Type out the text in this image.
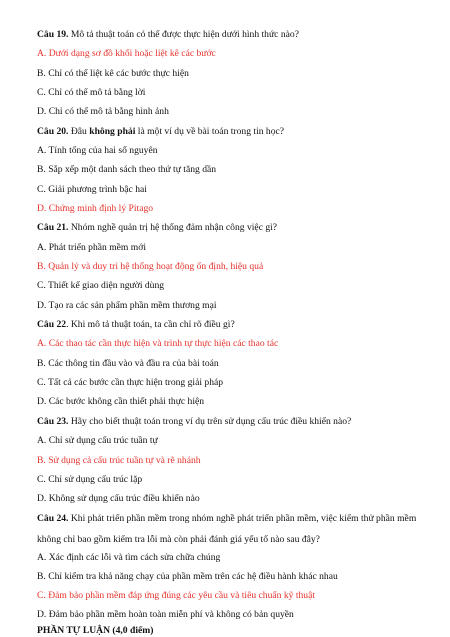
Câu 19. Mô tả thuật toán có thể được thực hiện dưới hình thức nào?
A. Dưới dạng sơ đồ khối hoặc liệt kê các bước
B. Chỉ có thể liệt kê các bước thực hiện
C. Chỉ có thể mô tả bằng lời
D. Chỉ có thể mô tả bằng hình ảnh
Câu 20. Đâu không phải là một ví dụ về bài toán trong tin học?
A. Tính tổng của hai số nguyên
B. Sắp xếp một danh sách theo thứ tự tăng dần
C. Giải phương trình bậc hai
D. Chứng minh định lý Pitago
Câu 21. Nhóm nghề quản trị hệ thống đảm nhận công việc gì?
A. Phát triển phần mềm mới
B. Quản lý và duy trì hệ thống hoạt động ổn định, hiệu quả
C. Thiết kế giao diện người dùng
D. Tạo ra các sản phẩm phần mềm thương mại
Câu 22. Khi mô tả thuật toán, ta cần chỉ rõ điều gì?
A. Các thao tác cần thực hiện và trình tự thực hiện các thao tác
B. Các thông tin đầu vào và đầu ra của bài toán
C. Tất cả các bước cần thực hiện trong giải pháp
D. Các bước không cần thiết phải thực hiện
Câu 23. Hãy cho biết thuật toán trong ví dụ trên sử dụng cấu trúc điều khiển nào?
A. Chỉ sử dụng cấu trúc tuần tự
B. Sử dụng cả cấu trúc tuần tự và rẽ nhánh
C. Chỉ sử dụng cấu trúc lặp
D. Không sử dụng cấu trúc điều khiển nào
Câu 24. Khi phát triển phần mềm trong nhóm nghề phát triển phần mềm, việc kiểm thử phần mềm không chỉ bao gồm kiểm tra lỗi mà còn phải đánh giá yếu tố nào sau đây?
A. Xác định các lỗi và tìm cách sửa chữa chúng
B. Chỉ kiểm tra khả năng chạy của phần mềm trên các hệ điều hành khác nhau
C. Đảm bảo phần mềm đáp ứng đúng các yêu cầu và tiêu chuẩn kỹ thuật
D. Đảm bảo phần mềm hoàn toàn miễn phí và không có bản quyền
PHẦN TỰ LUẬN (4,0 điểm)
